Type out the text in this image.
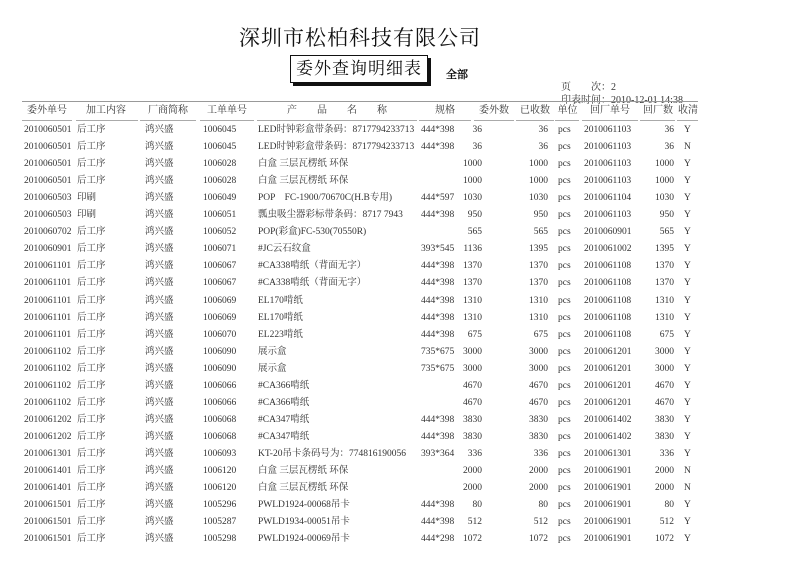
深圳市松柏科技有限公司
委外查询明细表	全部
页　　次：2
印表时间：2010-12-01 14:38
委外单号	加工内容	厂商简称	工单单号	产　　品　　名　　称	规格	委外数	已收数 单位	回厂单号	回厂数 收清
2010060501 后工序	鸿兴盛	1006045	LED时钟彩盒带条码：8717794233713 444*398	36	36 pcs	2010061103	36 Y
2010060501 后工序	鸿兴盛	1006045	LED时钟彩盒带条码：8717794233713 444*398	36	36 pcs	2010061103	36 N
2010060501 后工序	鸿兴盛	1006028	白盒 三层瓦楞纸 环保	1000	1000 pcs	2010061103	1000 Y
2010060501 后工序	鸿兴盛	1006028	白盒 三层瓦楞纸 环保	1000	1000 pcs	2010061103	1000 Y
2010060503 印刷	鸿兴盛	1006049	POP　FC-1900/70670C(H.B专用)	444*597 1030	1030 pcs	2010061104	1030 Y
2010060503 印刷	鸿兴盛	1006051	瓢虫吸尘器彩标带条码：8717 7943	444*398	950	950 pcs	2010061103	950 Y
2010060702 后工序	鸿兴盛	1006052	POP(彩盒)FC-530(70550R)	565	565 pcs	2010060901	565 Y
2010060901 后工序	鸿兴盛	1006071	#JC云石纹盒	393*545 1136	1395 pcs	2010061002	1395 Y
2010061101 后工序	鸿兴盛	1006067	#CA338啃纸（背面无字）	444*398 1370	1370 pcs	2010061108	1370 Y
2010061101 后工序	鸿兴盛	1006067	#CA338啃纸（背面无字）	444*398 1370	1370 pcs	2010061108	1370 Y
2010061101 后工序	鸿兴盛	1006069	EL170啃纸	444*398 1310	1310 pcs	2010061108	1310 Y
2010061101 后工序	鸿兴盛	1006069	EL170啃纸	444*398 1310	1310 pcs	2010061108	1310 Y
2010061101 后工序	鸿兴盛	1006070	EL223啃纸	444*398	675	675 pcs	2010061108	675 Y
2010061102 后工序	鸿兴盛	1006090	展示盒	735*675 3000	3000 pcs	2010061201	3000 Y
2010061102 后工序	鸿兴盛	1006090	展示盒	735*675 3000	3000 pcs	2010061201	3000 Y
2010061102 后工序	鸿兴盛	1006066	#CA366啃纸	4670	4670 pcs	2010061201	4670 Y
2010061102 后工序	鸿兴盛	1006066	#CA366啃纸	4670	4670 pcs	2010061201	4670 Y
2010061202 后工序	鸿兴盛	1006068	#CA347啃纸	444*398 3830	3830 pcs	2010061402	3830 Y
2010061202 后工序	鸿兴盛	1006068	#CA347啃纸	444*398 3830	3830 pcs	2010061402	3830 Y
2010061301 后工序	鸿兴盛	1006093	KT-20吊卡条码号为：774816190056	393*364	336	336 pcs	2010061301	336 Y
2010061401 后工序	鸿兴盛	1006120	白盒 三层瓦楞纸 环保	2000	2000 pcs	2010061901	2000 N
2010061401 后工序	鸿兴盛	1006120	白盒 三层瓦楞纸 环保	2000	2000 pcs	2010061901	2000 N
2010061501 后工序	鸿兴盛	1005296	PWLD1924-00068吊卡	444*398	80	80 pcs	2010061901	80 Y
2010061501 后工序	鸿兴盛	1005287	PWLD1934-00051吊卡	444*398	512	512 pcs	2010061901	512 Y
2010061501 后工序	鸿兴盛	1005298	PWLD1924-00069吊卡	444*298 1072	1072 pcs	2010061901	1072 Y
